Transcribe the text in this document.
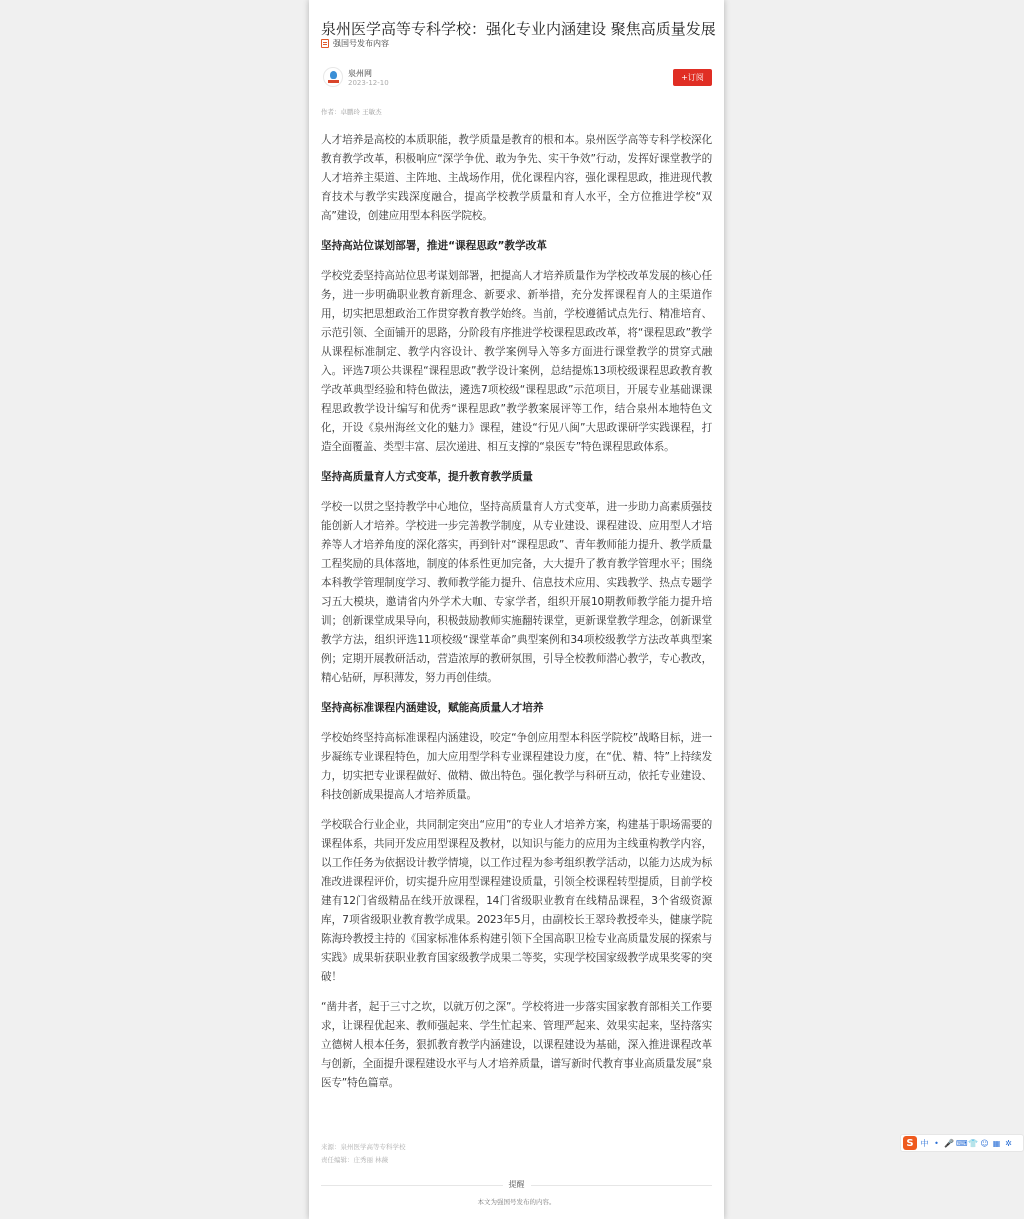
泉州医学高等专科学校：强化专业内涵建设 聚焦高质量发展
强国号发布内容
泉州网
2023-12-10
+订阅
作者：卓鹏玲 王敏杰

人才培养是高校的本质职能，教学质量是教育的根和本。泉州医学高等专科学校深化教育教学改革，积极响应“深学争优、敢为争先、实干争效”行动，发挥好课堂教学的人才培养主渠道、主阵地、主战场作用，优化课程内容，强化课程思政，推进现代教育技术与教学实践深度融合，提高学校教学质量和育人水平，全方位推进学校“双高”建设，创建应用型本科医学院校。

坚持高站位谋划部署，推进“课程思政”教学改革

学校党委坚持高站位思考谋划部署，把提高人才培养质量作为学校改革发展的核心任务，进一步明确职业教育新理念、新要求、新举措，充分发挥课程育人的主渠道作用，切实把思想政治工作贯穿教育教学始终。当前，学校遵循试点先行、精准培育、示范引领、全面铺开的思路，分阶段有序推进学校课程思政改革，将“课程思政”教学从课程标准制定、教学内容设计、教学案例导入等多方面进行课堂教学的贯穿式融入。评选7项公共课程“课程思政”教学设计案例，总结提炼13项校级课程思政教育教学改革典型经验和特色做法，遴选7项校级“课程思政”示范项目，开展专业基础课课程思政教学设计编写和优秀“课程思政”教学教案展评等工作，结合泉州本地特色文化，开设《泉州海丝文化的魅力》课程，建设“行见八闽”大思政课研学实践课程，打造全面覆盖、类型丰富、层次递进、相互支撑的“泉医专”特色课程思政体系。

坚持高质量育人方式变革，提升教育教学质量

学校一以贯之坚持教学中心地位，坚持高质量育人方式变革，进一步助力高素质强技能创新人才培养。学校进一步完善教学制度，从专业建设、课程建设、应用型人才培养等人才培养角度的深化落实，再到针对“课程思政”、青年教师能力提升、教学质量工程奖励的具体落地，制度的体系性更加完备，大大提升了教育教学管理水平；围绕本科教学管理制度学习、教师教学能力提升、信息技术应用、实践教学、热点专题学习五大模块，邀请省内外学术大咖、专家学者，组织开展10期教师教学能力提升培训；创新课堂成果导向，积极鼓励教师实施翻转课堂，更新课堂教学理念，创新课堂教学方法，组织评选11项校级“课堂革命”典型案例和34项校级教学方法改革典型案例；定期开展教研活动，营造浓厚的教研氛围，引导全校教师潜心教学，专心教改，精心钻研，厚积薄发，努力再创佳绩。

坚持高标准课程内涵建设，赋能高质量人才培养

学校始终坚持高标准课程内涵建设，咬定“争创应用型本科医学院校”战略目标，进一步凝练专业课程特色，加大应用型学科专业课程建设力度，在“优、精、特”上持续发力，切实把专业课程做好、做精、做出特色。强化教学与科研互动，依托专业建设、科技创新成果提高人才培养质量。

学校联合行业企业，共同制定突出“应用”的专业人才培养方案，构建基于职场需要的课程体系，共同开发应用型课程及教材，以知识与能力的应用为主线重构教学内容，以工作任务为依据设计教学情境，以工作过程为参考组织教学活动，以能力达成为标准改进课程评价，切实提升应用型课程建设质量，引领全校课程转型提质，目前学校建有12门省级精品在线开放课程，14门省级职业教育在线精品课程，3个省级资源库，7项省级职业教育教学成果。2023年5月，由副校长王翠玲教授牵头，健康学院陈海玲教授主持的《国家标准体系构建引领下全国高职卫检专业高质量发展的探索与实践》成果斩获职业教育国家级教学成果二等奖，实现学校国家级教学成果奖零的突破！

“凿井者，起于三寸之坎，以就万仞之深”。学校将进一步落实国家教育部相关工作要求，让课程优起来、教师强起来、学生忙起来、管理严起来、效果实起来，坚持落实立德树人根本任务，狠抓教育教学内涵建设，以课程建设为基础，深入推进课程改革与创新，全面提升课程建设水平与人才培养质量，谱写新时代教育事业高质量发展“泉医专”特色篇章。

来源：泉州医学高等专科学校
责任编辑：庄秀丽 林薇
提醒
本文为强国号发布的内容。
S 中 • 🎤 ⌨ 👕 ☺ ▦ ✲
